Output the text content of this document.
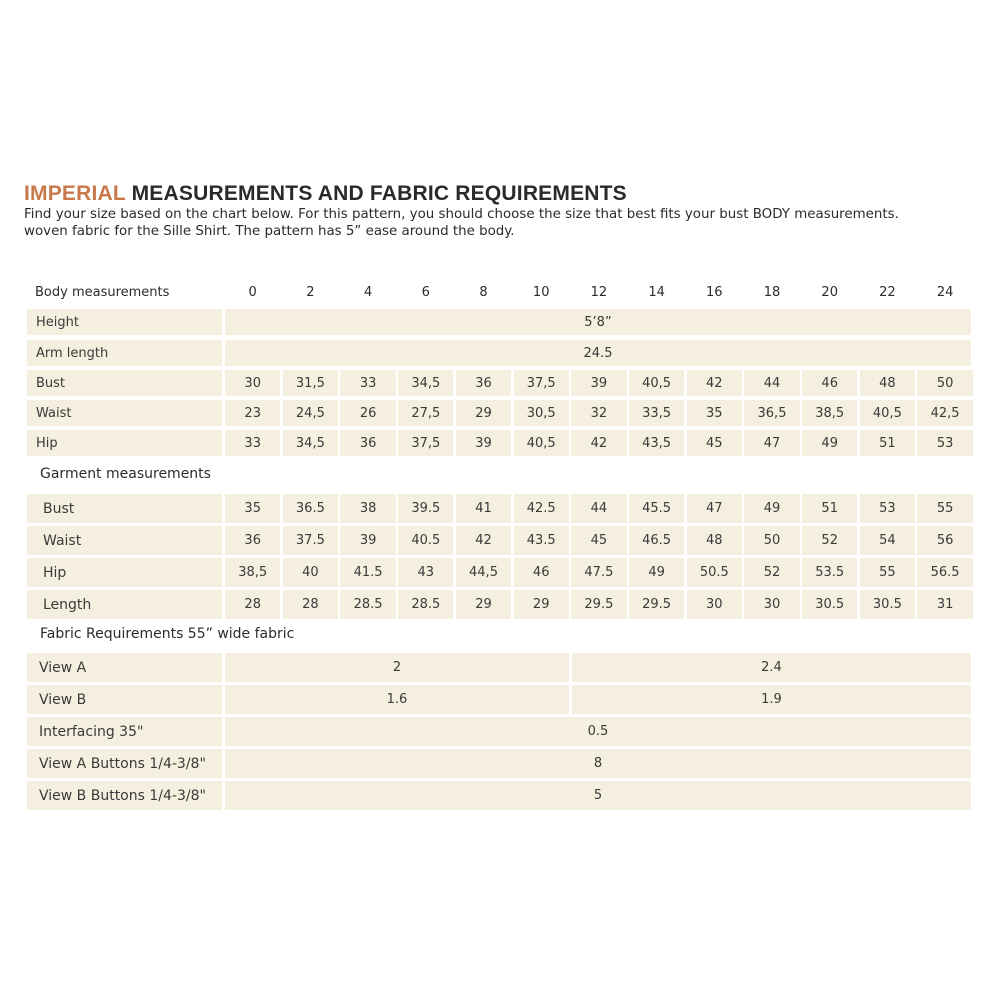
IMPERIAL MEASUREMENTS AND FABRIC REQUIREMENTS
Find your size based on the chart below. For this pattern, you should choose the size that best fits your bust BODY measurements.
woven fabric for the Sille Shirt. The pattern has 5” ease around the body.
Body measurements	0	2	4	6	8	10	12	14	16	18	20	22	24
Height	5’8”
Arm length	24.5
Bust	30	31,5	33	34,5	36	37,5	39	40,5	42	44	46	48	50
Waist	23	24,5	26	27,5	29	30,5	32	33,5	35	36,5	38,5	40,5	42,5
Hip	33	34,5	36	37,5	39	40,5	42	43,5	45	47	49	51	53
Garment measurements
Bust	35	36.5	38	39.5	41	42.5	44	45.5	47	49	51	53	55
Waist	36	37.5	39	40.5	42	43.5	45	46.5	48	50	52	54	56
Hip	38,5	40	41.5	43	44,5	46	47.5	49	50.5	52	53.5	55	56.5
Length	28	28	28.5	28.5	29	29	29.5	29.5	30	30	30.5	30.5	31
Fabric Requirements 55” wide fabric
View A	2	2.4
View B	1.6	1.9
Interfacing 35"	0.5
View A Buttons 1/4-3/8"	8
View B Buttons 1/4-3/8"	5
